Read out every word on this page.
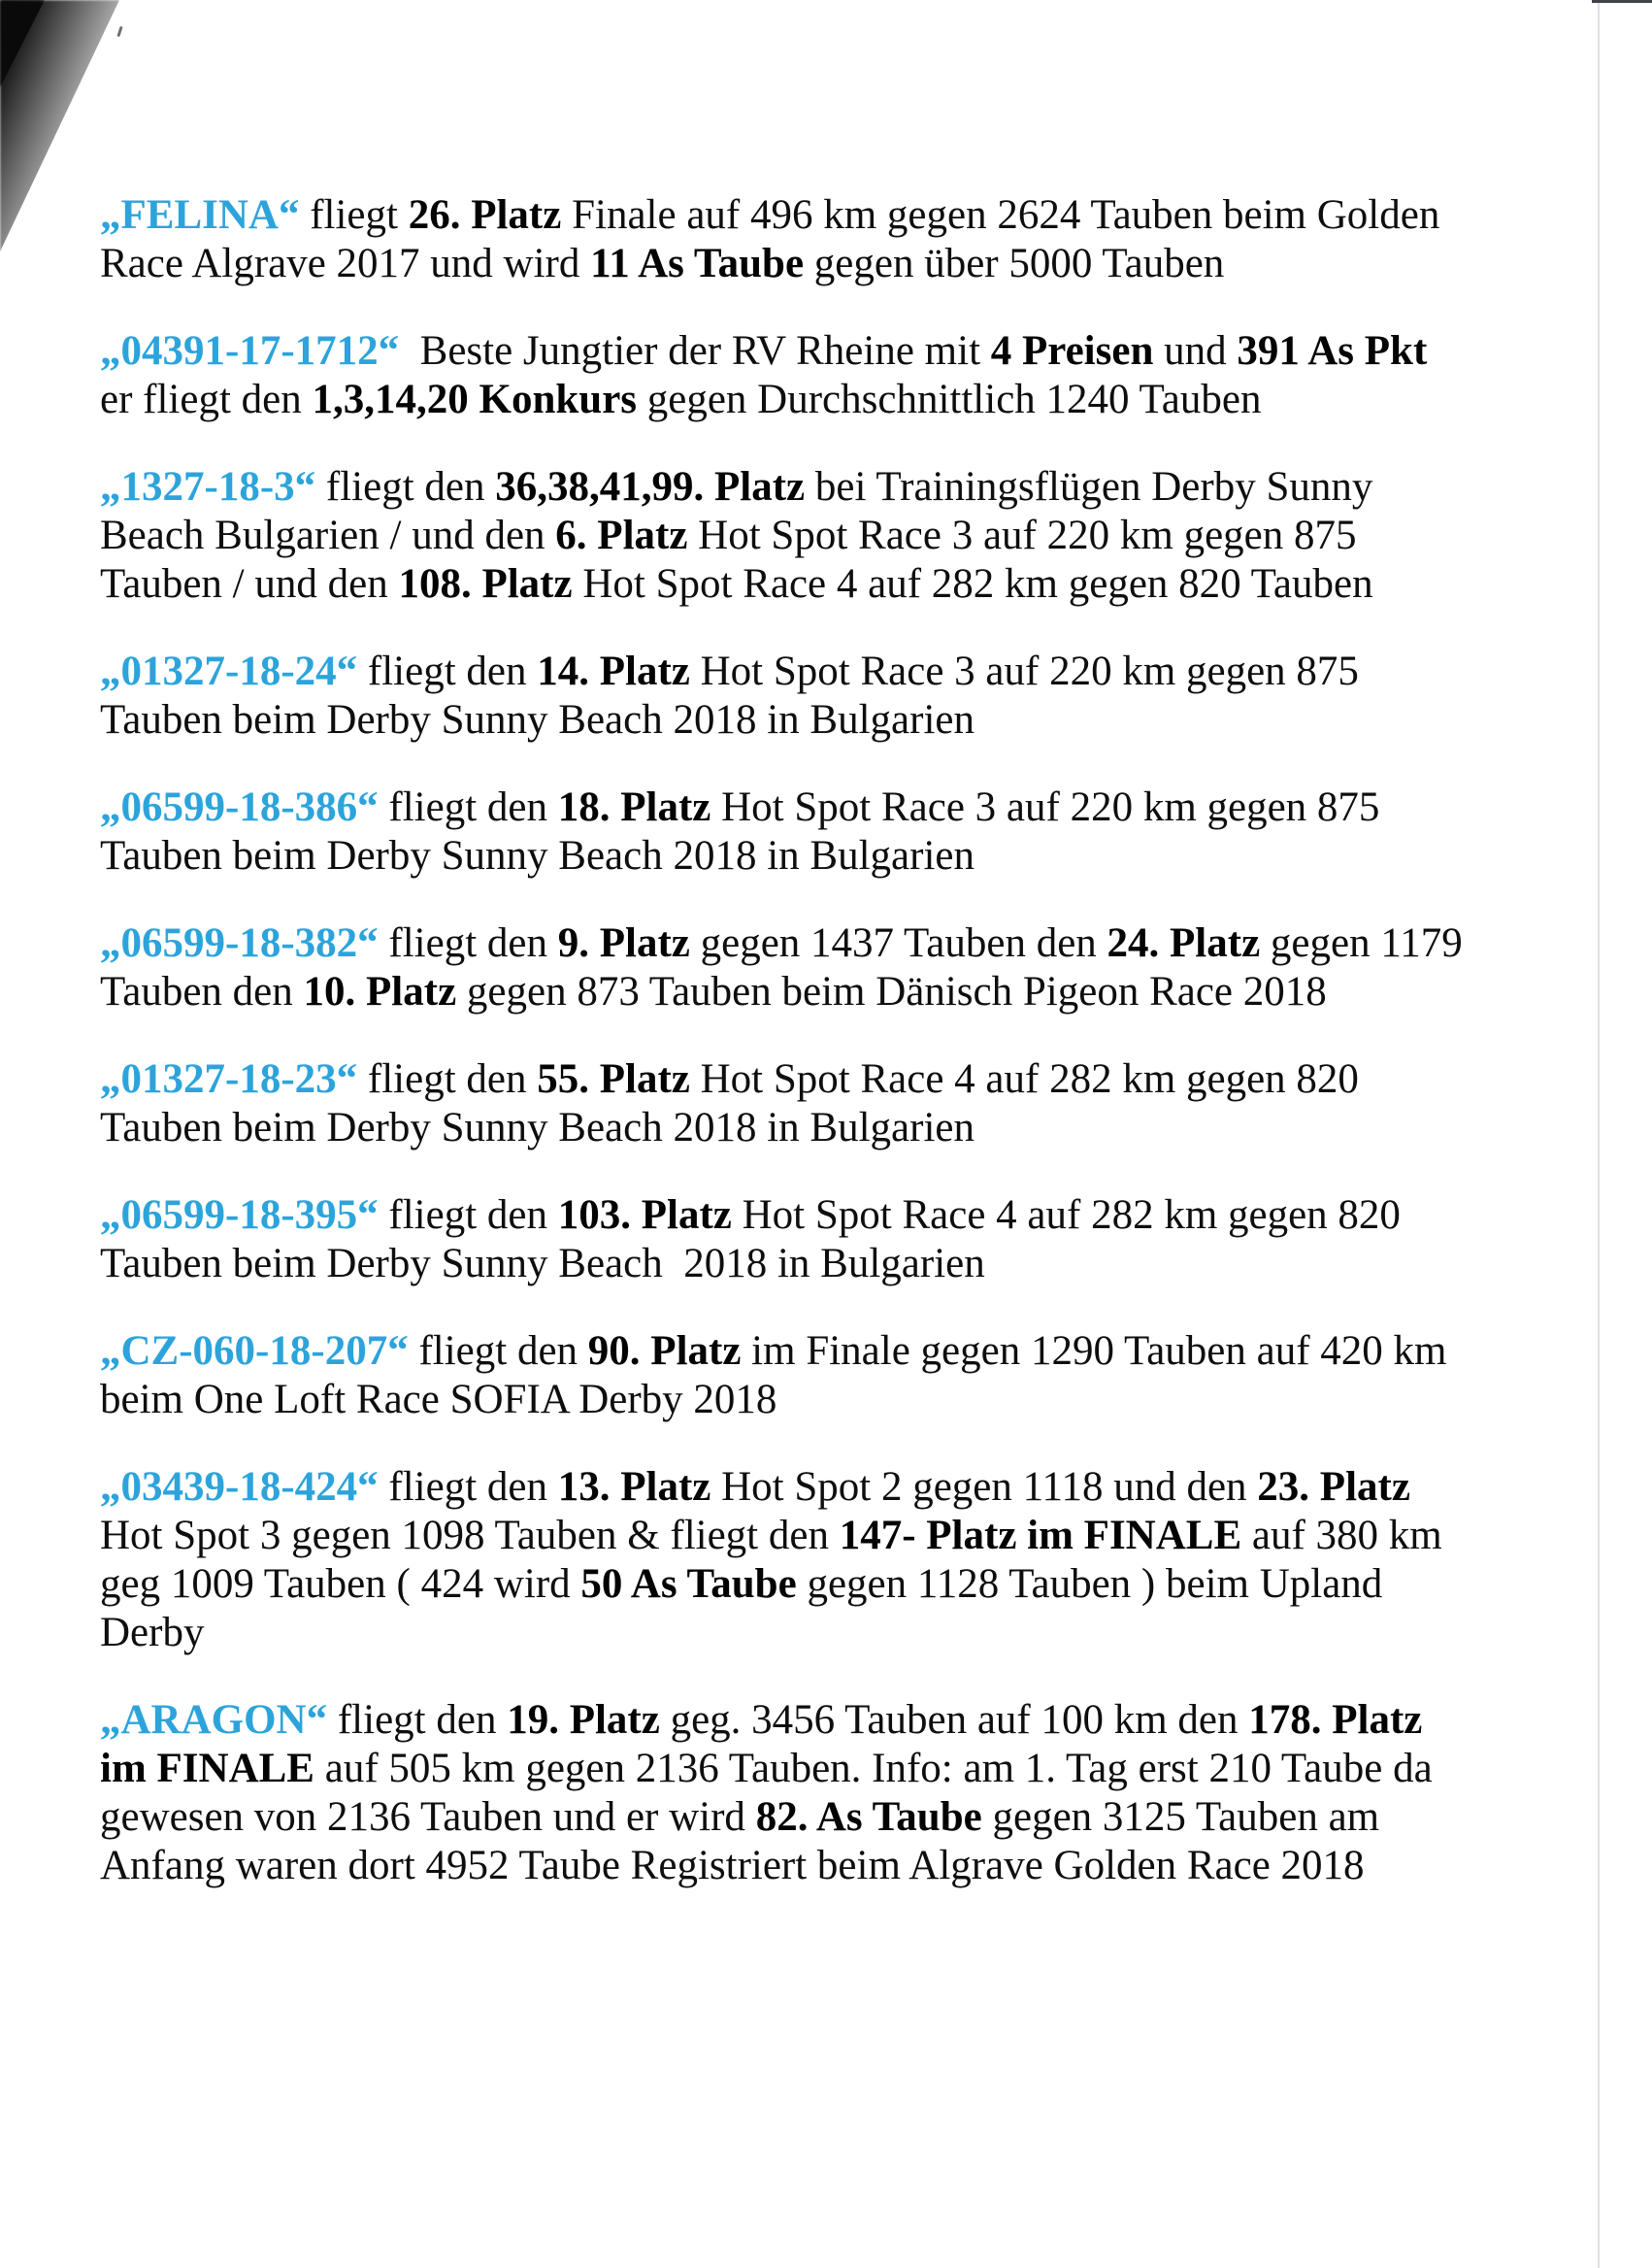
„FELINA“ fliegt 26. Platz Finale auf 496 km gegen 2624 Tauben beim Golden Race Algrave 2017 und wird 11 As Taube gegen über 5000 Tauben

„04391-17-1712“  Beste Jungtier der RV Rheine mit 4 Preisen und 391 As Pkt er fliegt den 1,3,14,20 Konkurs gegen Durchschnittlich 1240 Tauben

„1327-18-3“ fliegt den 36,38,41,99. Platz bei Trainingsflügen Derby Sunny Beach Bulgarien / und den 6. Platz Hot Spot Race 3 auf 220 km gegen 875 Tauben / und den 108. Platz Hot Spot Race 4 auf 282 km gegen 820 Tauben

„01327-18-24“ fliegt den 14. Platz Hot Spot Race 3 auf 220 km gegen 875 Tauben beim Derby Sunny Beach 2018 in Bulgarien

„06599-18-386“ fliegt den 18. Platz Hot Spot Race 3 auf 220 km gegen 875 Tauben beim Derby Sunny Beach 2018 in Bulgarien

„06599-18-382“ fliegt den 9. Platz gegen 1437 Tauben den 24. Platz gegen 1179 Tauben den 10. Platz gegen 873 Tauben beim Dänisch Pigeon Race 2018

„01327-18-23“ fliegt den 55. Platz Hot Spot Race 4 auf 282 km gegen 820 Tauben beim Derby Sunny Beach 2018 in Bulgarien

„06599-18-395“ fliegt den 103. Platz Hot Spot Race 4 auf 282 km gegen 820 Tauben beim Derby Sunny Beach  2018 in Bulgarien

„CZ-060-18-207“ fliegt den 90. Platz im Finale gegen 1290 Tauben auf 420 km beim One Loft Race SOFIA Derby 2018

„03439-18-424“ fliegt den 13. Platz Hot Spot 2 gegen 1118 und den 23. Platz Hot Spot 3 gegen 1098 Tauben & fliegt den 147- Platz im FINALE auf 380 km geg 1009 Tauben ( 424 wird 50 As Taube gegen 1128 Tauben ) beim Upland Derby

„ARAGON“ fliegt den 19. Platz geg. 3456 Tauben auf 100 km den 178. Platz im FINALE auf 505 km gegen 2136 Tauben. Info: am 1. Tag erst 210 Taube da gewesen von 2136 Tauben und er wird 82. As Taube gegen 3125 Tauben am Anfang waren dort 4952 Taube Registriert beim Algrave Golden Race 2018
